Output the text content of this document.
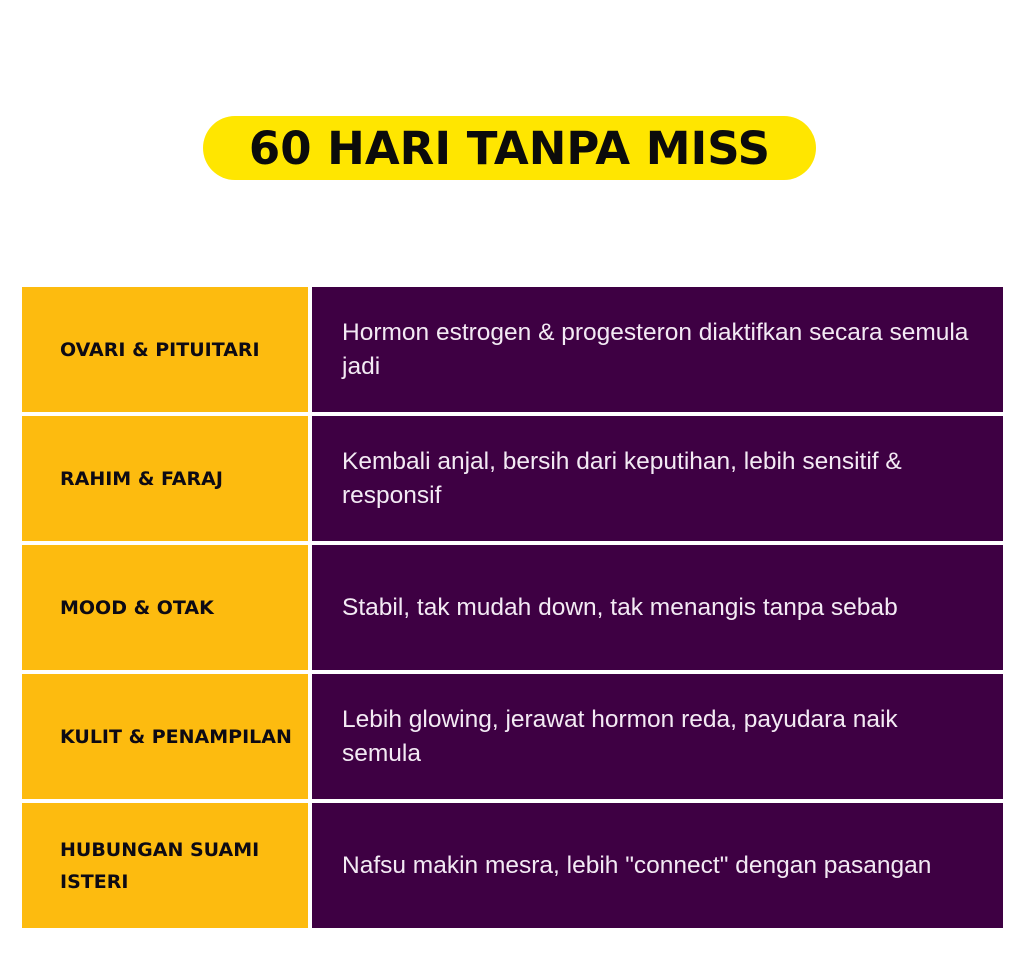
60 HARI TANPA MISS
OVARI & PITUITARI
Hormon estrogen & progesteron diaktifkan secara semula jadi
RAHIM & FARAJ
Kembali anjal, bersih dari keputihan, lebih sensitif & responsif
MOOD & OTAK	Stabil, tak mudah down, tak menangis tanpa sebab
KULIT & PENAMPILAN
Lebih glowing, jerawat hormon reda, payudara naik semula
HUBUNGAN SUAMI ISTERI
Nafsu makin mesra, lebih "connect" dengan pasangan
